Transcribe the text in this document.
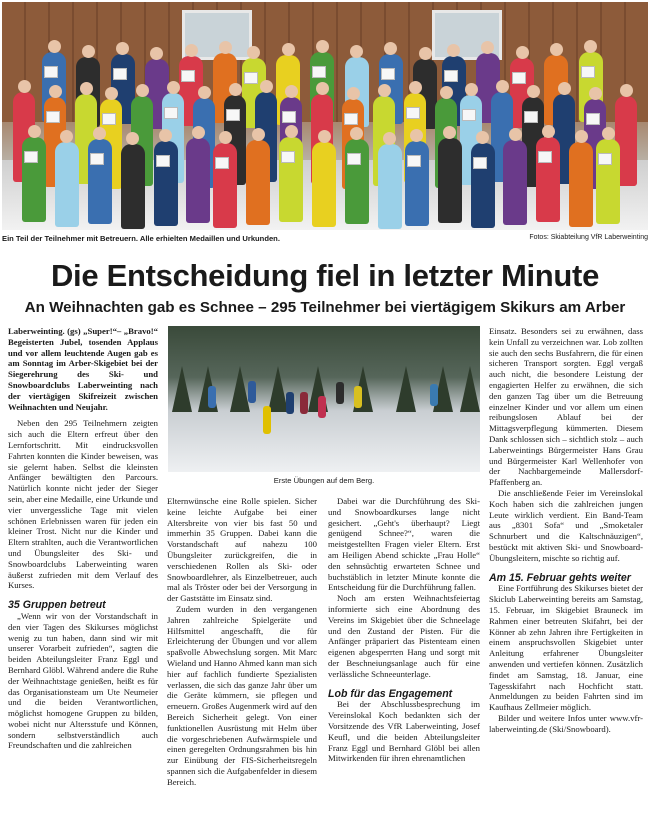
Ein Teil der Teilnehmer mit Betreuern. Alle erhielten Medaillen und Urkunden.	Fotos: Skiabteilung VfR Laberweinting
Die Entscheidung fiel in letzter Minute
An Weihnachten gab es Schnee – 295 Teilnehmer bei viertägigem Skikurs am Arber

Laberweinting. (gs) „Super!“– „Bravo!“ Begeisterten Jubel, tosenden Applaus und vor allem leuchtende Augen gab es am Sonntag im Arber-Skigebiet bei der Siegerehrung des Ski- und Snowboardclubs Laberweinting nach der viertägigen Skifreizeit zwischen Weihnachten und Neujahr.

Neben den 295 Teilnehmern zeigten sich auch die Eltern erfreut über den Lernfortschritt. Mit eindrucksvollen Fahrten konnten die Kinder beweisen, was sie gelernt haben. Selbst die kleinsten Anfänger bewältigten den Parcours. Natürlich konnte nicht jeder der Sieger sein, aber eine Medaille, eine Urkunde und vier unvergessliche Tage mit vielen schönen Erlebnissen waren für jeden ein kleiner Trost. Nicht nur die Kinder und Eltern strahlten, auch die Verantwortlichen und Übungsleiter des Ski- und Snowboardclubs Laberweinting waren äußerst zufrieden mit dem Verlauf des Kurses.

35 Gruppen betreut

„Wenn wir von der Vorstandschaft in den vier Tagen des Skikurses möglichst wenig zu tun haben, dann sind wir mit unserer Vorarbeit zufrieden“, sagten die beiden Abteilungsleiter Franz Eggl und Bernhard Glöbl. Während andere die Ruhe der Weihnachtstage genießen, heißt es für das Organisationsteam um Ute Neumeier und die beiden Verantwortlichen, möglichst homogene Gruppen zu bilden, wobei nicht nur Altersstufe und Können, sondern selbstverständlich auch Freundschaften und die zahlreichen

Erste Übungen auf dem Berg.

Elternwünsche eine Rolle spielen. Sicher keine leichte Aufgabe bei einer Altersbreite von vier bis fast 50 und immerhin 35 Gruppen. Dabei kann die Vorstandschaft auf nahezu 100 Übungsleiter zurückgreifen, die in verschiedenen Rollen als Ski- oder Snowboardlehrer, als Einzelbetreuer, auch mal als Tröster oder bei der Versorgung in der Gaststätte im Einsatz sind.

Zudem wurden in den vergangenen Jahren zahlreiche Spielgeräte und Hilfsmittel angeschafft, die für Erleichterung der Übungen und vor allem spaßvolle Abwechslung sorgen. Mit Marc Wieland und Hanno Ahmed kann man sich hier auf fachlich fundierte Spezialisten verlassen, die sich das ganze Jahr über um die Geräte kümmern, sie pflegen und erneuern. Großes Augenmerk wird auf den Bereich Sicherheit gelegt. Von einer funktionellen Ausrüstung mit Helm über die vorgeschriebenen Aufwärmspiele und einen geregelten Ordnungsrahmen bis hin zur Einübung der FIS-Sicherheitsregeln spannen sich die Aufgabenfelder in diesem Bereich.

Dabei war die Durchführung des Ski- und Snowboardkurses lange nicht gesichert. „Geht's überhaupt? Liegt genügend Schnee?“, waren die meistgestellten Fragen vieler Eltern. Erst am Heiligen Abend schickte „Frau Holle“ den sehnsüchtig erwarteten Schnee und buchstäblich in letzter Minute konnte die Entscheidung für die Durchführung fallen.

Noch am ersten Weihnachtsfeiertag informierte sich eine Abordnung des Vereins im Skigebiet über die Schneelage und den Zustand der Pisten. Für die Anfänger präpariert das Pistenteam einen eigenen abgesperrten Hang und sorgt mit der Beschneiungsanlage auch für eine verlässliche Schneeunterlage.

Lob für das Engagement

Bei der Abschlussbesprechung im Vereinslokal Koch bedankten sich der Vorsitzende des VfR Laberweinting, Josef Keufl, und die beiden Abteilungsleiter Franz Eggl und Bernhard Glöbl bei allen Mitwirkenden für ihren ehrenamtlichen

Einsatz. Besonders sei zu erwähnen, dass kein Unfall zu verzeichnen war. Lob zollten sie auch den sechs Busfahrern, die für einen sicheren Transport sorgten. Eggl vergaß auch nicht, die besondere Leistung der engagierten Helfer zu erwähnen, die sich den ganzen Tag über um die Betreuung einzelner Kinder und vor allem um einen reibungslosen Ablauf bei der Mittagsverpflegung kümmerten. Diesem Dank schlossen sich – sichtlich stolz – auch Laberweintings Bürgermeister Hans Grau und Bürgermeister Karl Wellenhofer von der Nachbargemeinde Mallersdorf-Pfaffenberg an.

Die anschließende Feier im Vereinslokal Koch haben sich die zahlreichen jungen Leute wirklich verdient. Ein Band-Team aus „8301 Sofa“ und „Smoketaler Schnurbert und die Kaltschnäuzigen“, bestückt mit aktiven Ski- und Snowboard-Übungsleitern, mischte so richtig auf.

Am 15. Februar gehts weiter

Eine Fortführung des Skikurses bietet der Skiclub Laberweinting bereits am Samstag, 15. Februar, im Skigebiet Brauneck im Rahmen einer betreuten Skifahrt, bei der Könner ab zehn Jahren ihre Fertigkeiten in einem anspruchsvollen Skigebiet unter Anleitung erfahrener Übungsleiter anwenden und vertiefen können. Zusätzlich findet am Samstag, 18. Januar, eine Tagesskifahrt nach Hochficht statt. Anmeldungen zu beiden Fahrten sind im Kaufhaus Zellmeier möglich.

Bilder und weitere Infos unter www.vfr-laberweinting.de (Ski/Snowboard).
